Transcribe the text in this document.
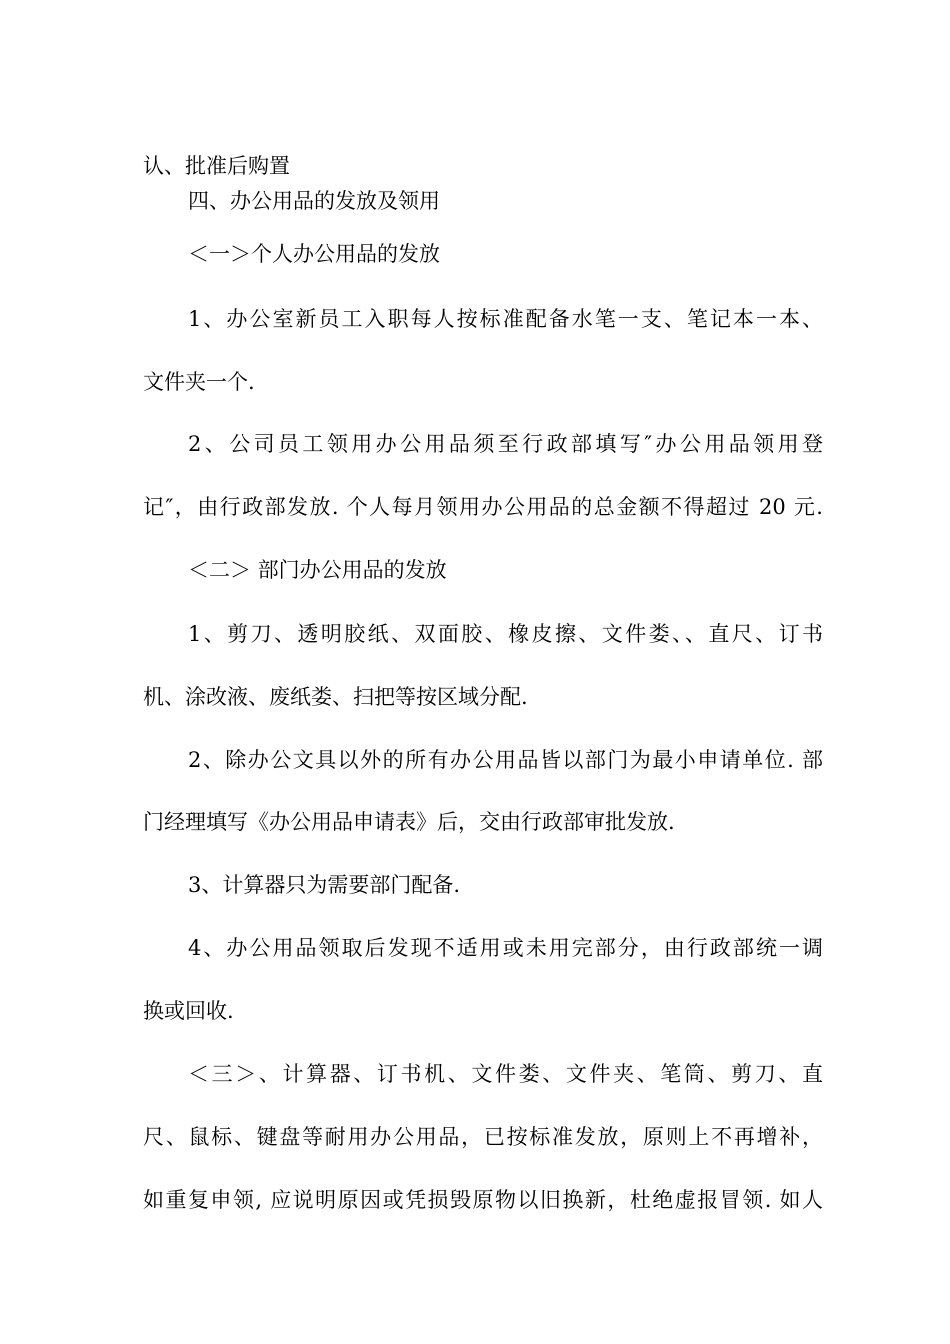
认、批准后购置
四、办公用品的发放及领用
＜一＞个人办公用品的发放
1、办公室新员工入职每人按标准配备水笔一支、笔记本一本、
文件夹一个.
2、公司员工领用办公用品须至行政部填写″办公用品领用登
记″，由行政部发放. 个人每月领用办公用品的总金额不得超过 20 元.
＜二＞ 部门办公用品的发放
1、剪刀、透明胶纸、双面胶、橡皮擦、文件娄、、直尺、订书
机、涂改液、废纸娄、扫把等按区域分配.
2、除办公文具以外的所有办公用品皆以部门为最小申请单位. 部
门经理填写《办公用品申请表》后，交由行政部审批发放.
3、计算器只为需要部门配备.
4、办公用品领取后发现不适用或未用完部分，由行政部统一调
换或回收.
＜三＞、计算器、订书机、文件娄、文件夹、笔筒、剪刀、直
尺、鼠标、键盘等耐用办公用品，已按标准发放，原则上不再增补，
如重复申领, 应说明原因或凭损毁原物以旧换新，杜绝虚报冒领. 如人
